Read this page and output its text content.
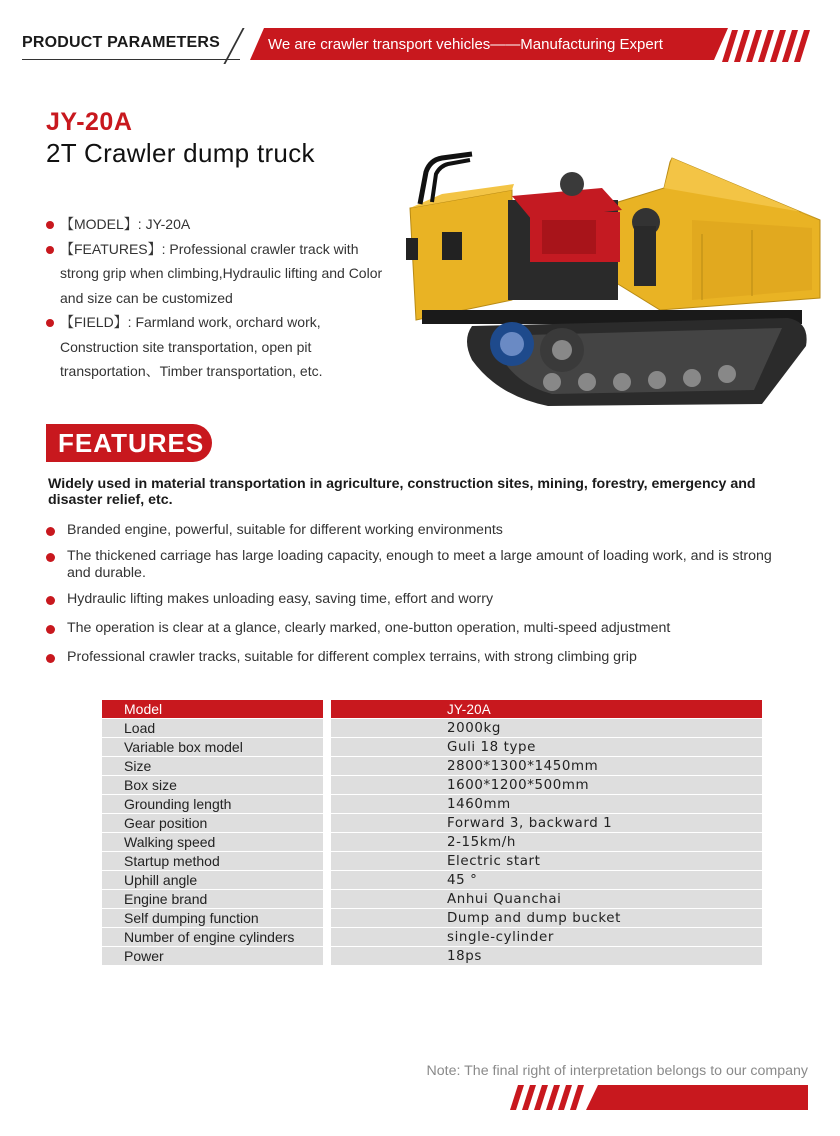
PRODUCT PARAMETERS	We are crawler transport vehicles——Manufacturing Expert
JY-20A
2T Crawler dump truck
【MODEL】: JY-20A
【FEATURES】: Professional crawler track with strong grip when climbing,Hydraulic lifting and Color and size can be customized
【FIELD】: Farmland work, orchard work, Construction site transportation, open pit transportation、Timber transportation, etc.
FEATURES
Widely used in material transportation in agriculture, construction sites, mining, forestry, emergency and disaster relief, etc.
Branded engine, powerful, suitable for different working environments
The thickened carriage has large loading capacity, enough to meet a large amount of loading work, and is strong and durable.
Hydraulic lifting makes unloading easy, saving time, effort and worry
The operation is clear at a glance, clearly marked, one-button operation, multi-speed adjustment
Professional crawler tracks, suitable for different complex terrains, with strong climbing grip
Model	JY-20A
Load	2000kg
Variable box model	Guli 18 type
Size	2800*1300*1450mm
Box size	1600*1200*500mm
Grounding length	1460mm
Gear position	Forward 3, backward 1
Walking speed	2-15km/h
Startup method	Electric start
Uphill angle	45 °
Engine brand	Anhui Quanchai
Self dumping function	Dump and dump bucket
Number of engine cylinders	single-cylinder
Power	18ps
Note: The final right of interpretation belongs to our company
